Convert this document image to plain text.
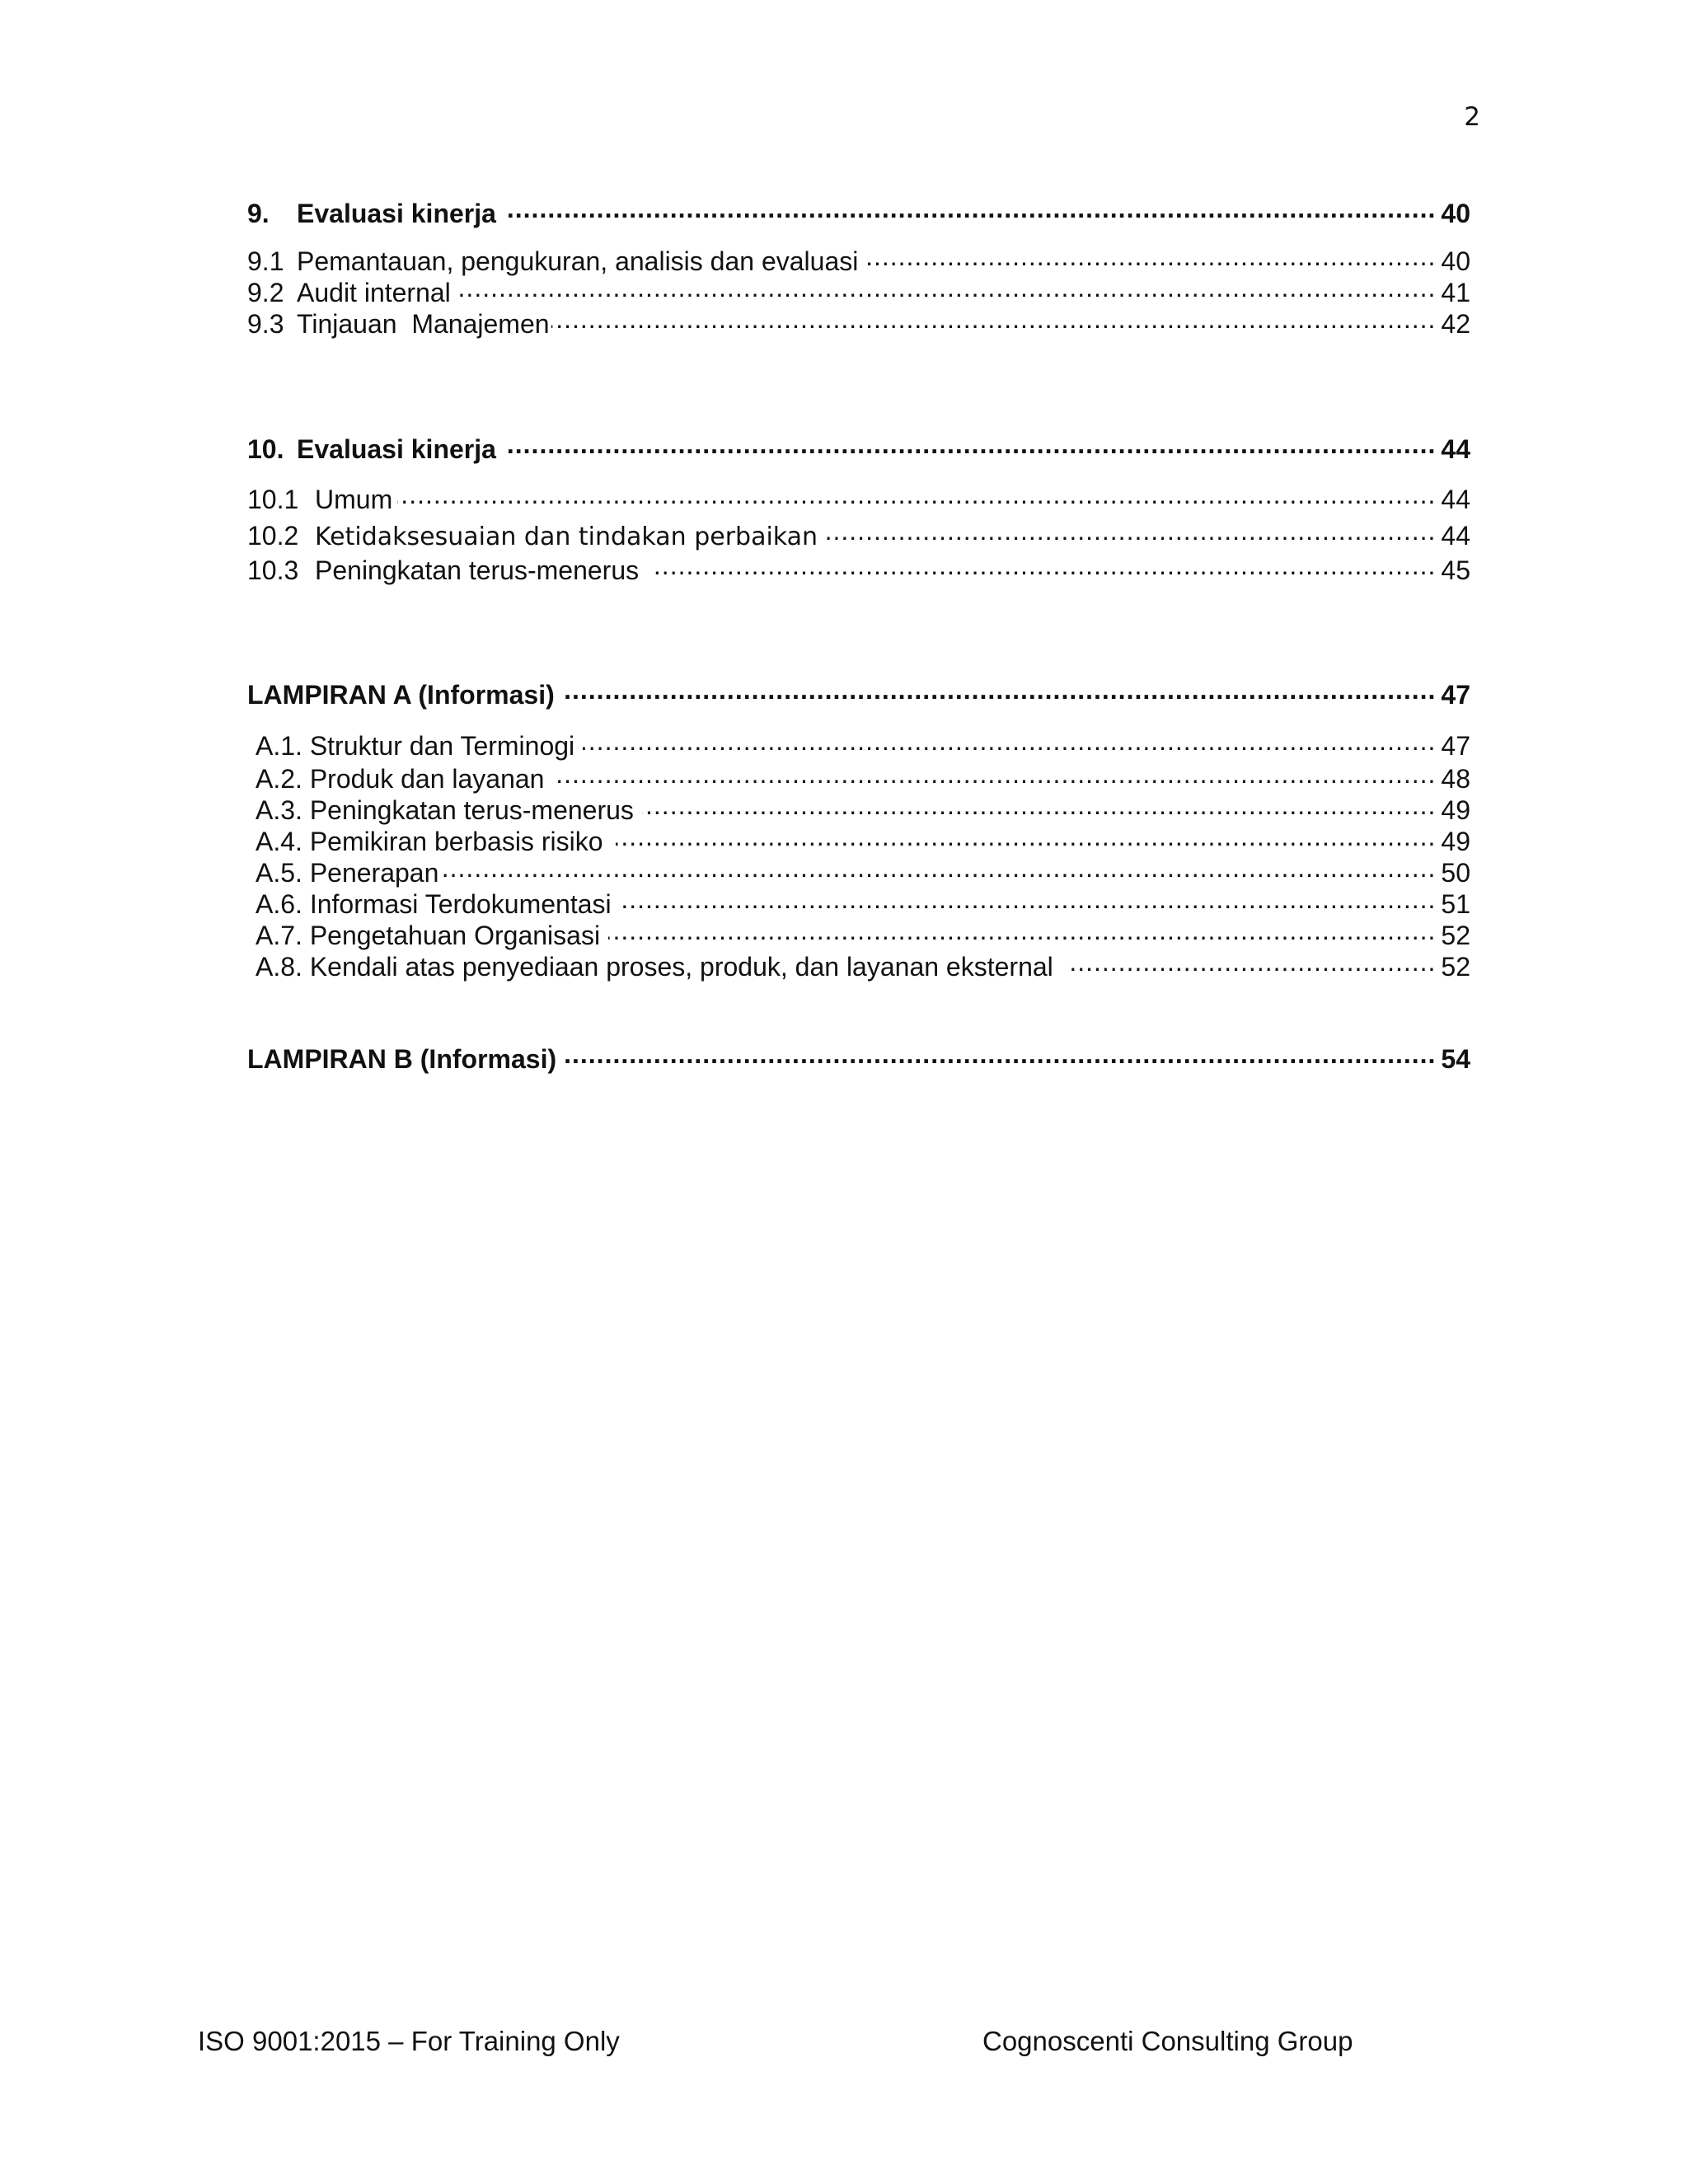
2
9.	Evaluasi kinerja .....	40
9.1 Pemantauan, pengukuran, analisis dan evaluasi .....	40
9.2 Audit internal .....	41
9.3 Tinjauan  Manajemen .....	42
10. Evaluasi kinerja .....	44
10.1 Umum .....	44
10.2 Ketidaksesuaian dan tindakan perbaikan .....	44
10.3 Peningkatan terus-menerus .....	45
LAMPIRAN A (Informasi) .....	47
A.1. Struktur dan Terminogi .....	47
A.2. Produk dan layanan .....	48
A.3. Peningkatan terus-menerus .....	49
A.4. Pemikiran berbasis risiko .....	49
A.5. Penerapan .....	50
A.6. Informasi Terdokumentasi .....	51
A.7. Pengetahuan Organisasi .....	52
A.8. Kendali atas penyediaan proses, produk, dan layanan eksternal .....	52
LAMPIRAN B (Informasi) .....	54
ISO 9001:2015 – For Training Only	Cognoscenti Consulting Group
